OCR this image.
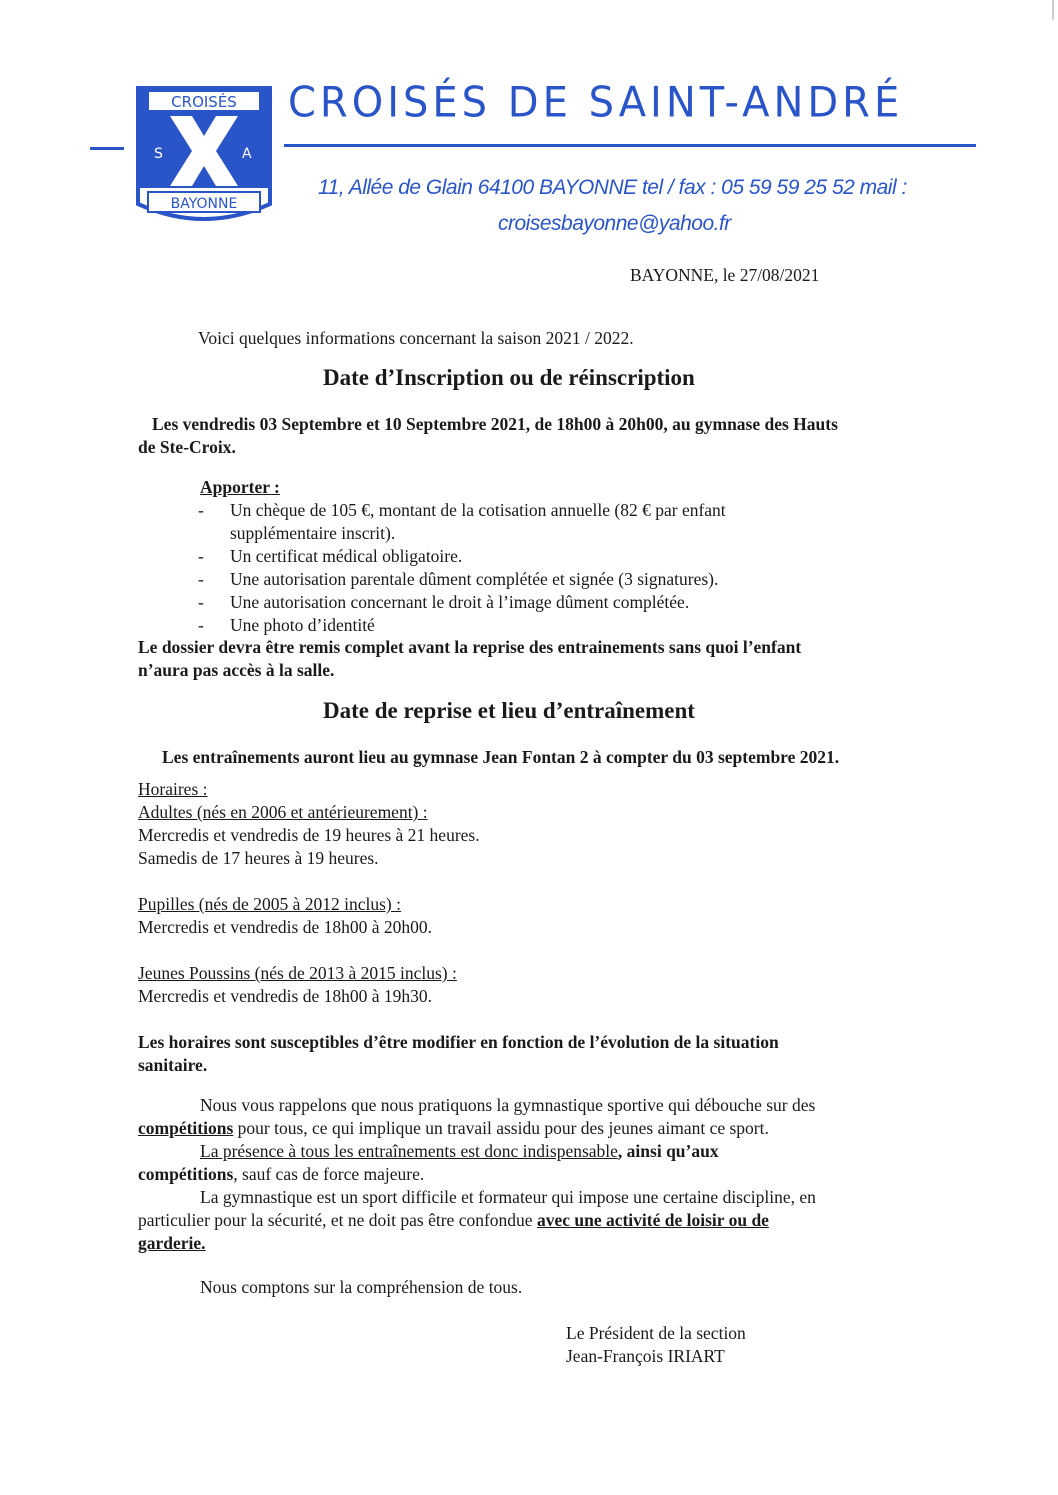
CROISÉS
S	A
BAYONNE
CROISÉS DE SAINT-ANDRÉ
11, Allée de Glain 64100 BAYONNE tel / fax : 05 59 59 25 52 mail :
croisesbayonne@yahoo.fr
BAYONNE, le 27/08/2021
Voici quelques informations concernant la saison 2021 / 2022.
Date d’Inscription ou de réinscription
Les vendredis 03 Septembre et 10 Septembre 2021, de 18h00 à 20h00, au gymnase des Hauts
de Ste-Croix.
Apporter :
- Un chèque de 105 €, montant de la cotisation annuelle (82 € par enfant
supplémentaire inscrit).
- Un certificat médical obligatoire.
- Une autorisation parentale dûment complétée et signée (3 signatures).
- Une autorisation concernant le droit à l’image dûment complétée.
- Une photo d’identité
Le dossier devra être remis complet avant la reprise des entrainements sans quoi l’enfant
n’aura pas accès à la salle.
Date de reprise et lieu d’entraînement
Les entraînements auront lieu au gymnase Jean Fontan 2 à compter du 03 septembre 2021.
Horaires :
Adultes (nés en 2006 et antérieurement) :
Mercredis et vendredis de 19 heures à 21 heures.
Samedis de 17 heures à 19 heures.
Pupilles (nés de 2005 à 2012 inclus) :
Mercredis et vendredis de 18h00 à 20h00.
Jeunes Poussins (nés de 2013 à 2015 inclus) :
Mercredis et vendredis de 18h00 à 19h30.
Les horaires sont susceptibles d’être modifier en fonction de l’évolution de la situation
sanitaire.
Nous vous rappelons que nous pratiquons la gymnastique sportive qui débouche sur des
compétitions pour tous, ce qui implique un travail assidu pour des jeunes aimant ce sport.
La présence à tous les entraînements est donc indispensable, ainsi qu’aux
compétitions, sauf cas de force majeure.
La gymnastique est un sport difficile et formateur qui impose une certaine discipline, en
particulier pour la sécurité, et ne doit pas être confondue avec une activité de loisir ou de
garderie.
Nous comptons sur la compréhension de tous.
Le Président de la section
Jean-François IRIART
